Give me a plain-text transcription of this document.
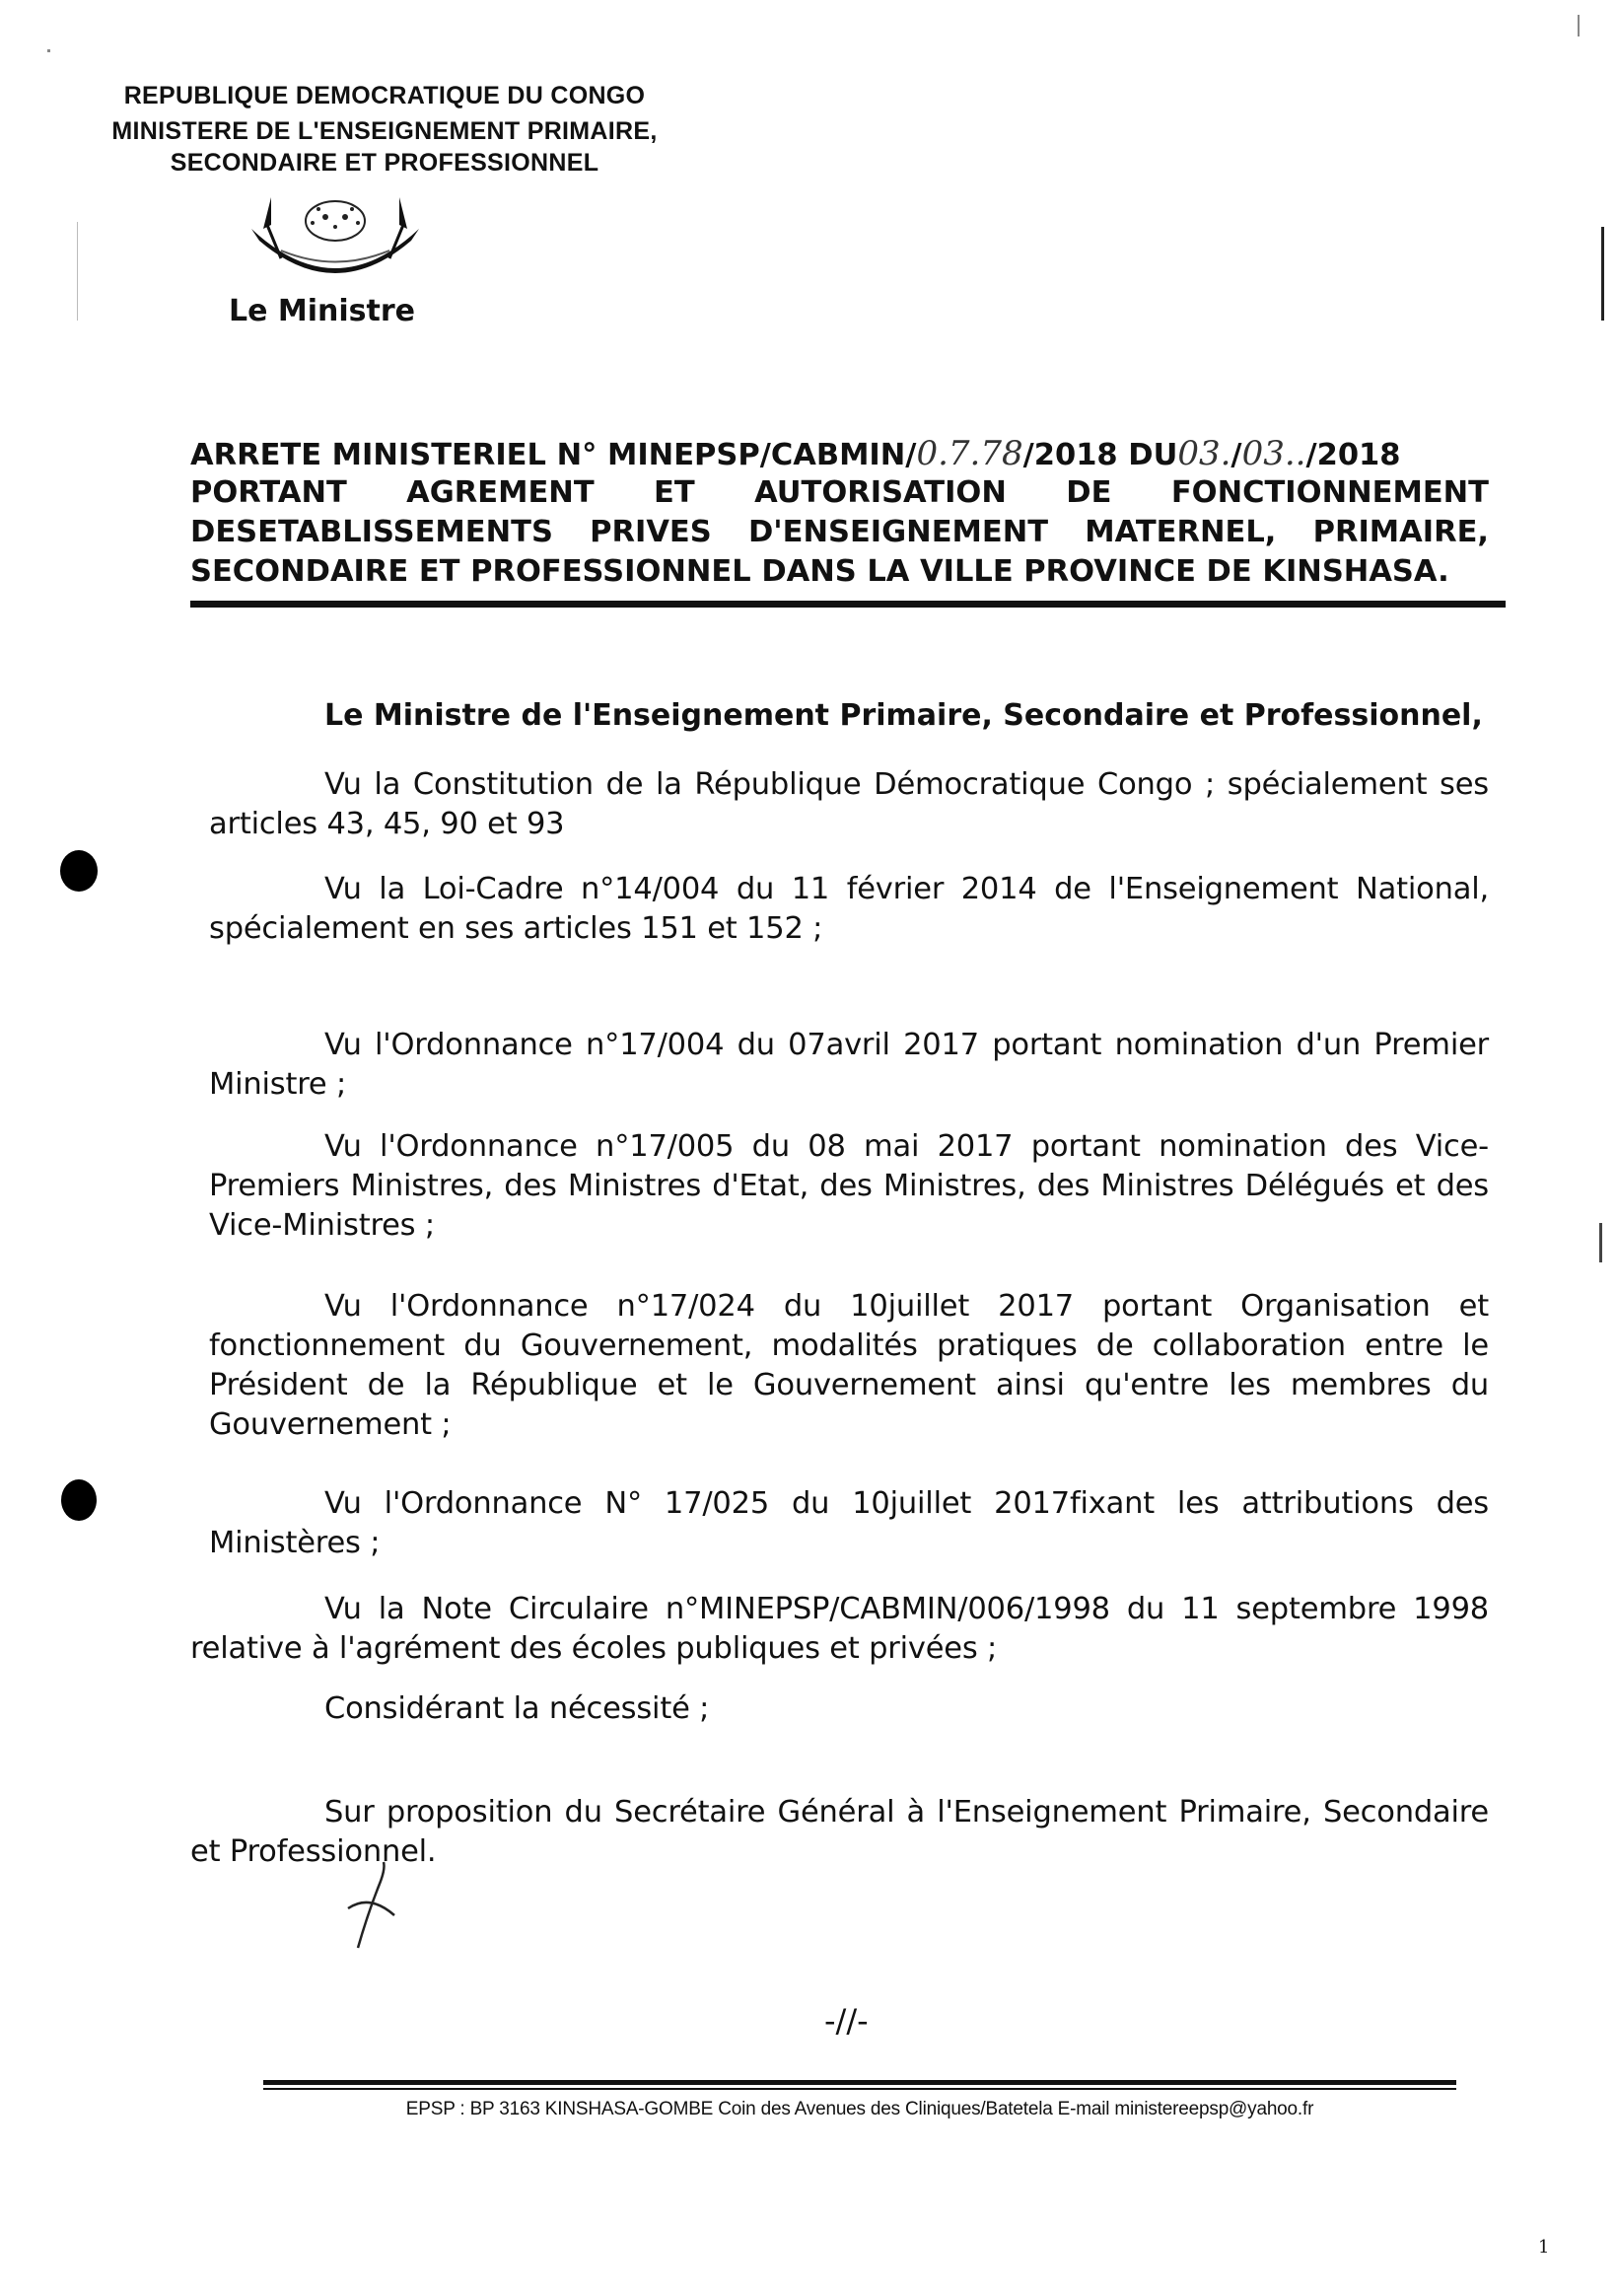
REPUBLIQUE DEMOCRATIQUE DU CONGO
MINISTERE DE L'ENSEIGNEMENT PRIMAIRE,
SECONDAIRE ET PROFESSIONNEL
Le Ministre
ARRETE MINISTERIEL N° MINEPSP/CABMIN/0.7.78/2018 DU03./03../2018
PORTANT AGREMENT ET AUTORISATION DE FONCTIONNEMENT
DESETABLISSEMENTS PRIVES D'ENSEIGNEMENT MATERNEL, PRIMAIRE,
SECONDAIRE ET PROFESSIONNEL DANS LA VILLE PROVINCE DE KINSHASA.
Le Ministre de l'Enseignement Primaire, Secondaire et Professionnel,
Vu la Constitution de la République Démocratique Congo ; spécialement ses articles 43, 45, 90 et 93
Vu la Loi-Cadre n°14/004 du 11 février 2014 de l'Enseignement National, spécialement en ses articles 151 et 152 ;
Vu l'Ordonnance n°17/004 du 07avril 2017 portant nomination d'un Premier Ministre ;
Vu l'Ordonnance n°17/005 du 08 mai 2017 portant nomination des Vice-Premiers Ministres, des Ministres d'Etat, des Ministres, des Ministres Délégués et des Vice-Ministres ;
Vu l'Ordonnance n°17/024 du 10juillet 2017 portant Organisation et fonctionnement du Gouvernement, modalités pratiques de collaboration entre le Président de la République et le Gouvernement ainsi qu'entre les membres du Gouvernement ;
Vu l'Ordonnance N° 17/025 du 10juillet 2017fixant les attributions des Ministères ;
Vu la Note Circulaire n°MINEPSP/CABMIN/006/1998 du 11 septembre 1998 relative à l'agrément des écoles publiques et privées ;
Considérant la nécessité ;
Sur proposition du Secrétaire Général à l'Enseignement Primaire, Secondaire et Professionnel.
-//-
EPSP : BP 3163 KINSHASA-GOMBE Coin des Avenues des Cliniques/Batetela E-mail ministereepsp@yahoo.fr
1
